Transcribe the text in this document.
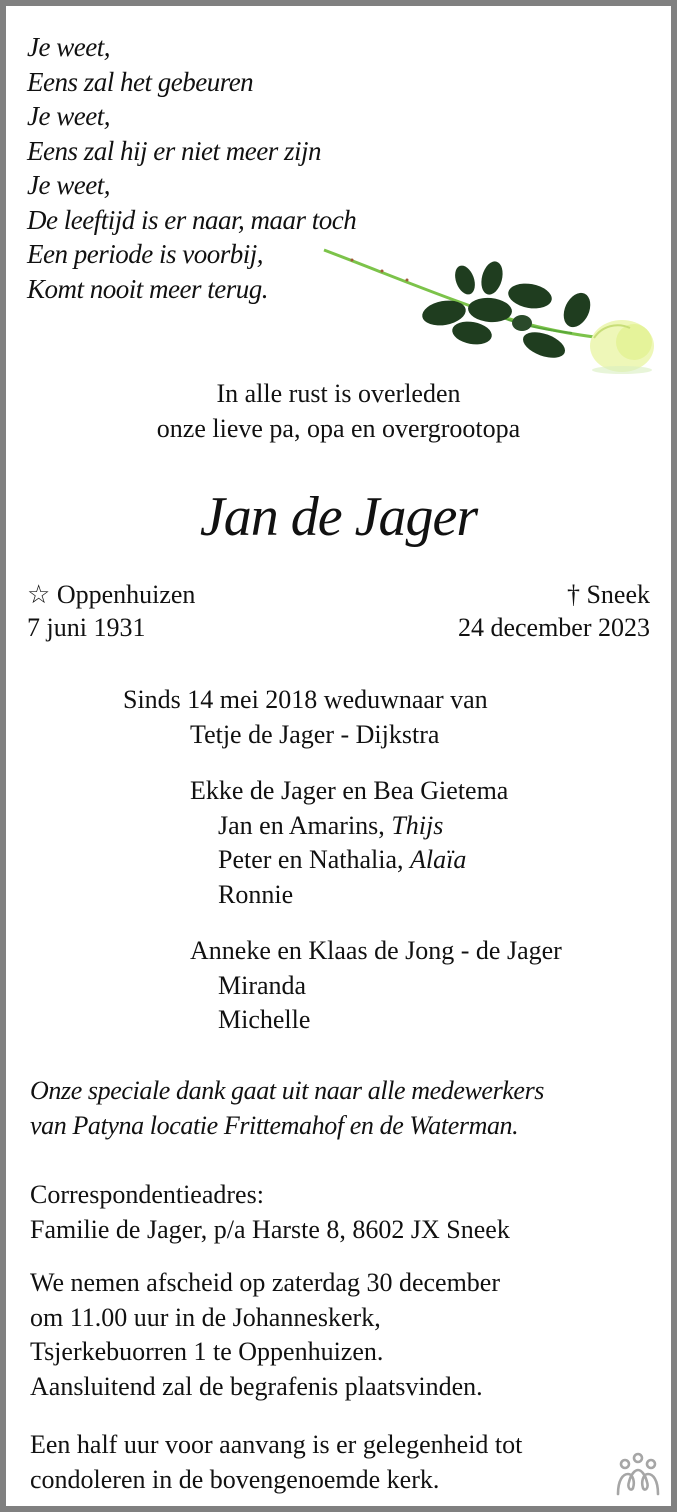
Je weet,
Eens zal het gebeuren
Je weet,
Eens zal hij er niet meer zijn
Je weet,
De leeftijd is er naar, maar toch
Een periode is voorbij,
Komt nooit meer terug.
In alle rust is overleden
onze lieve pa, opa en overgrootopa
Jan de Jager
☆ Oppenhuizen
7 juni 1931
† Sneek
24 december 2023
Sinds 14 mei 2018 weduwnaar van
Tetje de Jager - Dijkstra
Ekke de Jager en Bea Gietema
Jan en Amarins, Thijs
Peter en Nathalia, Alaïa
Ronnie
Anneke en Klaas de Jong - de Jager
Miranda
Michelle
Onze speciale dank gaat uit naar alle medewerkers
van Patyna locatie Frittemahof en de Waterman.
Correspondentieadres:
Familie de Jager, p/a Harste 8, 8602 JX Sneek
We nemen afscheid op zaterdag 30 december
om 11.00 uur in de Johanneskerk,
Tsjerkebuorren 1 te Oppenhuizen.
Aansluitend zal de begrafenis plaatsvinden.
Een half uur voor aanvang is er gelegenheid tot
condoleren in de bovengenoemde kerk.
